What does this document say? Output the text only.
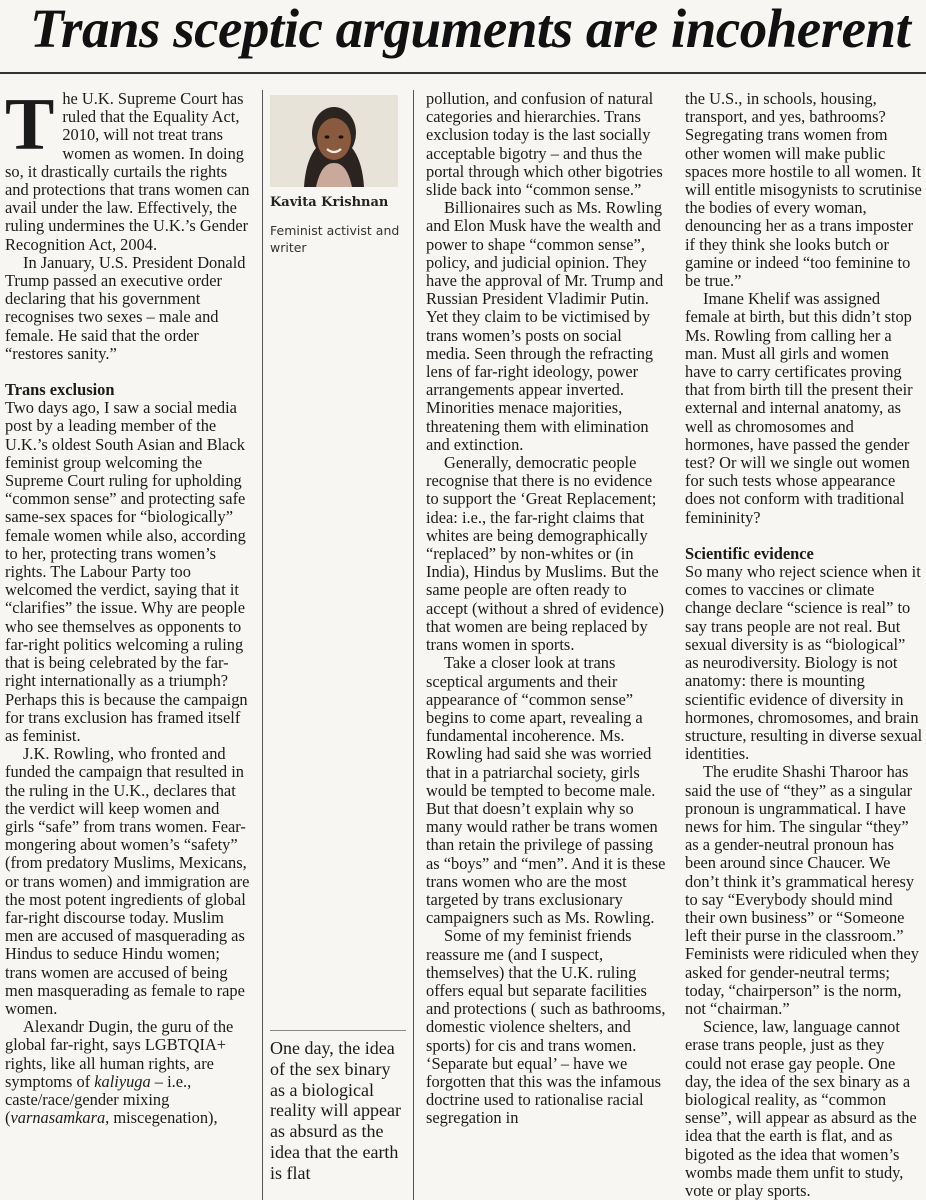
Trans sceptic arguments are incoherent

The U.K. Supreme Court has ruled that the Equality Act, 2010, will not treat trans women as women. In doing so, it drastically curtails the rights and protections that trans women can avail under the law. Effectively, the ruling undermines the U.K.’s Gender Recognition Act, 2004.

In January, U.S. President Donald Trump passed an executive order declaring that his government recognises two sexes – male and female. He said that the order “restores sanity.”

Trans exclusion

Two days ago, I saw a social media post by a leading member of the U.K.’s oldest South Asian and Black feminist group welcoming the Supreme Court ruling for upholding “common sense” and protecting safe same-sex spaces for “biologically” female women while also, according to her, protecting trans women’s rights. The Labour Party too welcomed the verdict, saying that it “clarifies” the issue. Why are people who see themselves as opponents to far-right politics welcoming a ruling that is being celebrated by the far-right internationally as a triumph? Perhaps this is because the campaign for trans exclusion has framed itself as feminist.

J.K. Rowling, who fronted and funded the campaign that resulted in the ruling in the U.K., declares that the verdict will keep women and girls “safe” from trans women. Fear-mongering about women’s “safety” (from predatory Muslims, Mexicans, or trans women) and immigration are the most potent ingredients of global far-right discourse today. Muslim men are accused of masquerading as Hindus to seduce Hindu women; trans women are accused of being men masquerading as female to rape women.

Alexandr Dugin, the guru of the global far-right, says LGBTQIA+ rights, like all human rights, are symptoms of kaliyuga – i.e., caste/race/gender mixing (varnasamkara, miscegenation),

Kavita Krishnan
Feminist activist and writer
One day, the idea of the sex binary as a biological reality will appear as absurd as the idea that the earth is flat

pollution, and confusion of natural categories and hierarchies. Trans exclusion today is the last socially acceptable bigotry – and thus the portal through which other bigotries slide back into “common sense.”

Billionaires such as Ms. Rowling and Elon Musk have the wealth and power to shape “common sense”, policy, and judicial opinion. They have the approval of Mr. Trump and Russian President Vladimir Putin. Yet they claim to be victimised by trans women’s posts on social media. Seen through the refracting lens of far-right ideology, power arrangements appear inverted. Minorities menace majorities, threatening them with elimination and extinction.

Generally, democratic people recognise that there is no evidence to support the ‘Great Replacement; idea: i.e., the far-right claims that whites are being demographically “replaced” by non-whites or (in India), Hindus by Muslims. But the same people are often ready to accept (without a shred of evidence) that women are being replaced by trans women in sports.

Take a closer look at trans sceptical arguments and their appearance of “common sense” begins to come apart, revealing a fundamental incoherence. Ms. Rowling had said she was worried that in a patriarchal society, girls would be tempted to become male. But that doesn’t explain why so many would rather be trans women than retain the privilege of passing as “boys” and “men”. And it is these trans women who are the most targeted by trans exclusionary campaigners such as Ms. Rowling.

Some of my feminist friends reassure me (and I suspect, themselves) that the U.K. ruling offers equal but separate facilities and protections ( such as bathrooms, domestic violence shelters, and sports) for cis and trans women. ‘Separate but equal’ – have we forgotten that this was the infamous doctrine used to rationalise racial segregation in

the U.S., in schools, housing, transport, and yes, bathrooms? Segregating trans women from other women will make public spaces more hostile to all women. It will entitle misogynists to scrutinise the bodies of every woman, denouncing her as a trans imposter if they think she looks butch or gamine or indeed “too feminine to be true.”

Imane Khelif was assigned female at birth, but this didn’t stop Ms. Rowling from calling her a man. Must all girls and women have to carry certificates proving that from birth till the present their external and internal anatomy, as well as chromosomes and hormones, have passed the gender test? Or will we single out women for such tests whose appearance does not conform with traditional femininity?

Scientific evidence

So many who reject science when it comes to vaccines or climate change declare “science is real” to say trans people are not real. But sexual diversity is as “biological” as neurodiversity. Biology is not anatomy: there is mounting scientific evidence of diversity in hormones, chromosomes, and brain structure, resulting in diverse sexual identities.

The erudite Shashi Tharoor has said the use of “they” as a singular pronoun is ungrammatical. I have news for him. The singular “they” as a gender-neutral pronoun has been around since Chaucer. We don’t think it’s grammatical heresy to say “Everybody should mind their own business” or “Someone left their purse in the classroom.” Feminists were ridiculed when they asked for gender-neutral terms; today, “chairperson” is the norm, not “chairman.”

Science, law, language cannot erase trans people, just as they could not erase gay people. One day, the idea of the sex binary as a biological reality, as “common sense”, will appear as absurd as the idea that the earth is flat, and as bigoted as the idea that women’s wombs made them unfit to study, vote or play sports.
